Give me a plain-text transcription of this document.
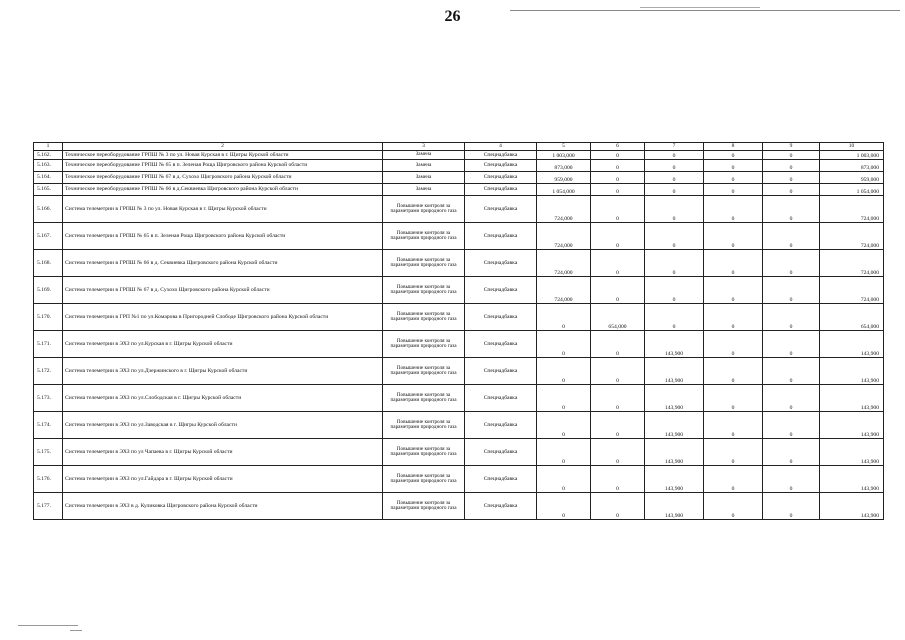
26
1	2	3	4	5	6	7	8	9	10
5.162.	Техническое переоборудование ГРПШ № 3 по ул. Новая Курская в г. Щигры Курской области	Замена	Спецнадбавка	1 003,000	0	0	0	0	1 003,000
5.163.	Техническое переоборудование ГРПШ № 65 в п. Зеленая Роща Щигровского района Курской области	Замена	Спецнадбавка	873,000	0	0	0	0	873,000
5.164.	Техническое переоборудование ГРПШ № 67 в д. Сухохо Щигровского района Курской области	Замена	Спецнадбавка	959,000	0	0	0	0	959,000
5.165.	Техническое переоборудование ГРПШ № 66 в д.Секвиевка Щигровского района Курской области	Замена	Спецнадбавка	1 054,000	0	0	0	0	1 054,000
5.166.	Система телеметрии в ГРПШ № 3 по ул. Новая Курская в г. Щигры Курской области	Повышение контроля за параметрами природного газа	Спецнадбавка	724,000	0	0	0	0	724,000
5.167.	Система телеметрии в ГРПШ № 65 в п. Зеленая Роща Щигровского района Курской области	Повышение контроля за параметрами природного газа	Спецнадбавка	724,000	0	0	0	0	724,000
5.168.	Система телеметрии в ГРПШ № 66 в д. Секвиевка Щигровского района Курской области	Повышение контроля за параметрами природного газа	Спецнадбавка	724,000	0	0	0	0	724,000
5.169.	Система телеметрии в ГРПШ № 67 в д. Сухохо Щигровского района Курской области	Повышение контроля за параметрами природного газа	Спецнадбавка	724,000	0	0	0	0	724,000
5.170.	Система телеметрии в ГРП №1 по ул.Комарова в Пригородней Слободе Щигровского района Курской области	Повышение контроля за параметрами природного газа	Спецнадбавка	0	654,000	0	0	0	654,000
5.171.	Система телеметрии в ЭХЗ по ул.Курская в г. Щигры Курской области	Повышение контроля за параметрами природного газа	Спецнадбавка	0	0	143,900	0	0	143,900
5.172.	Система телеметрии в ЭХЗ по ул.Дзержинского в г. Щигры Курской области	Повышение контроля за параметрами природного газа	Спецнадбавка	0	0	143,900	0	0	143,900
5.173.	Система телеметрии в ЭХЗ по ул.Слободская в г. Щигры Курской области	Повышение контроля за параметрами природного газа	Спецнадбавка	0	0	143,900	0	0	143,900
5.174.	Система телеметрии в ЭХЗ по ул.Заводская в г. Щигры Курской области	Повышение контроля за параметрами природного газа	Спецнадбавка	0	0	143,900	0	0	143,900
5.175.	Система телеметрии в ЭХЗ по ул Чапаева в г. Щигры Курской области	Повышение контроля за параметрами природного газа	Спецнадбавка	0	0	143,900	0	0	143,900
5.176.	Система телеметрии в ЭХЗ по ул.Гайдара в г. Щигры Курской области	Повышение контроля за параметрами природного газа	Спецнадбавка	0	0	143,900	0	0	143,900
5.177.	Система телеметрии в ЭХЗ в д. Куликовка Щигровского района Курской области	Повышение контроля за параметрами природного газа	Спецнадбавка	0	0	143,900	0	0	143,900
